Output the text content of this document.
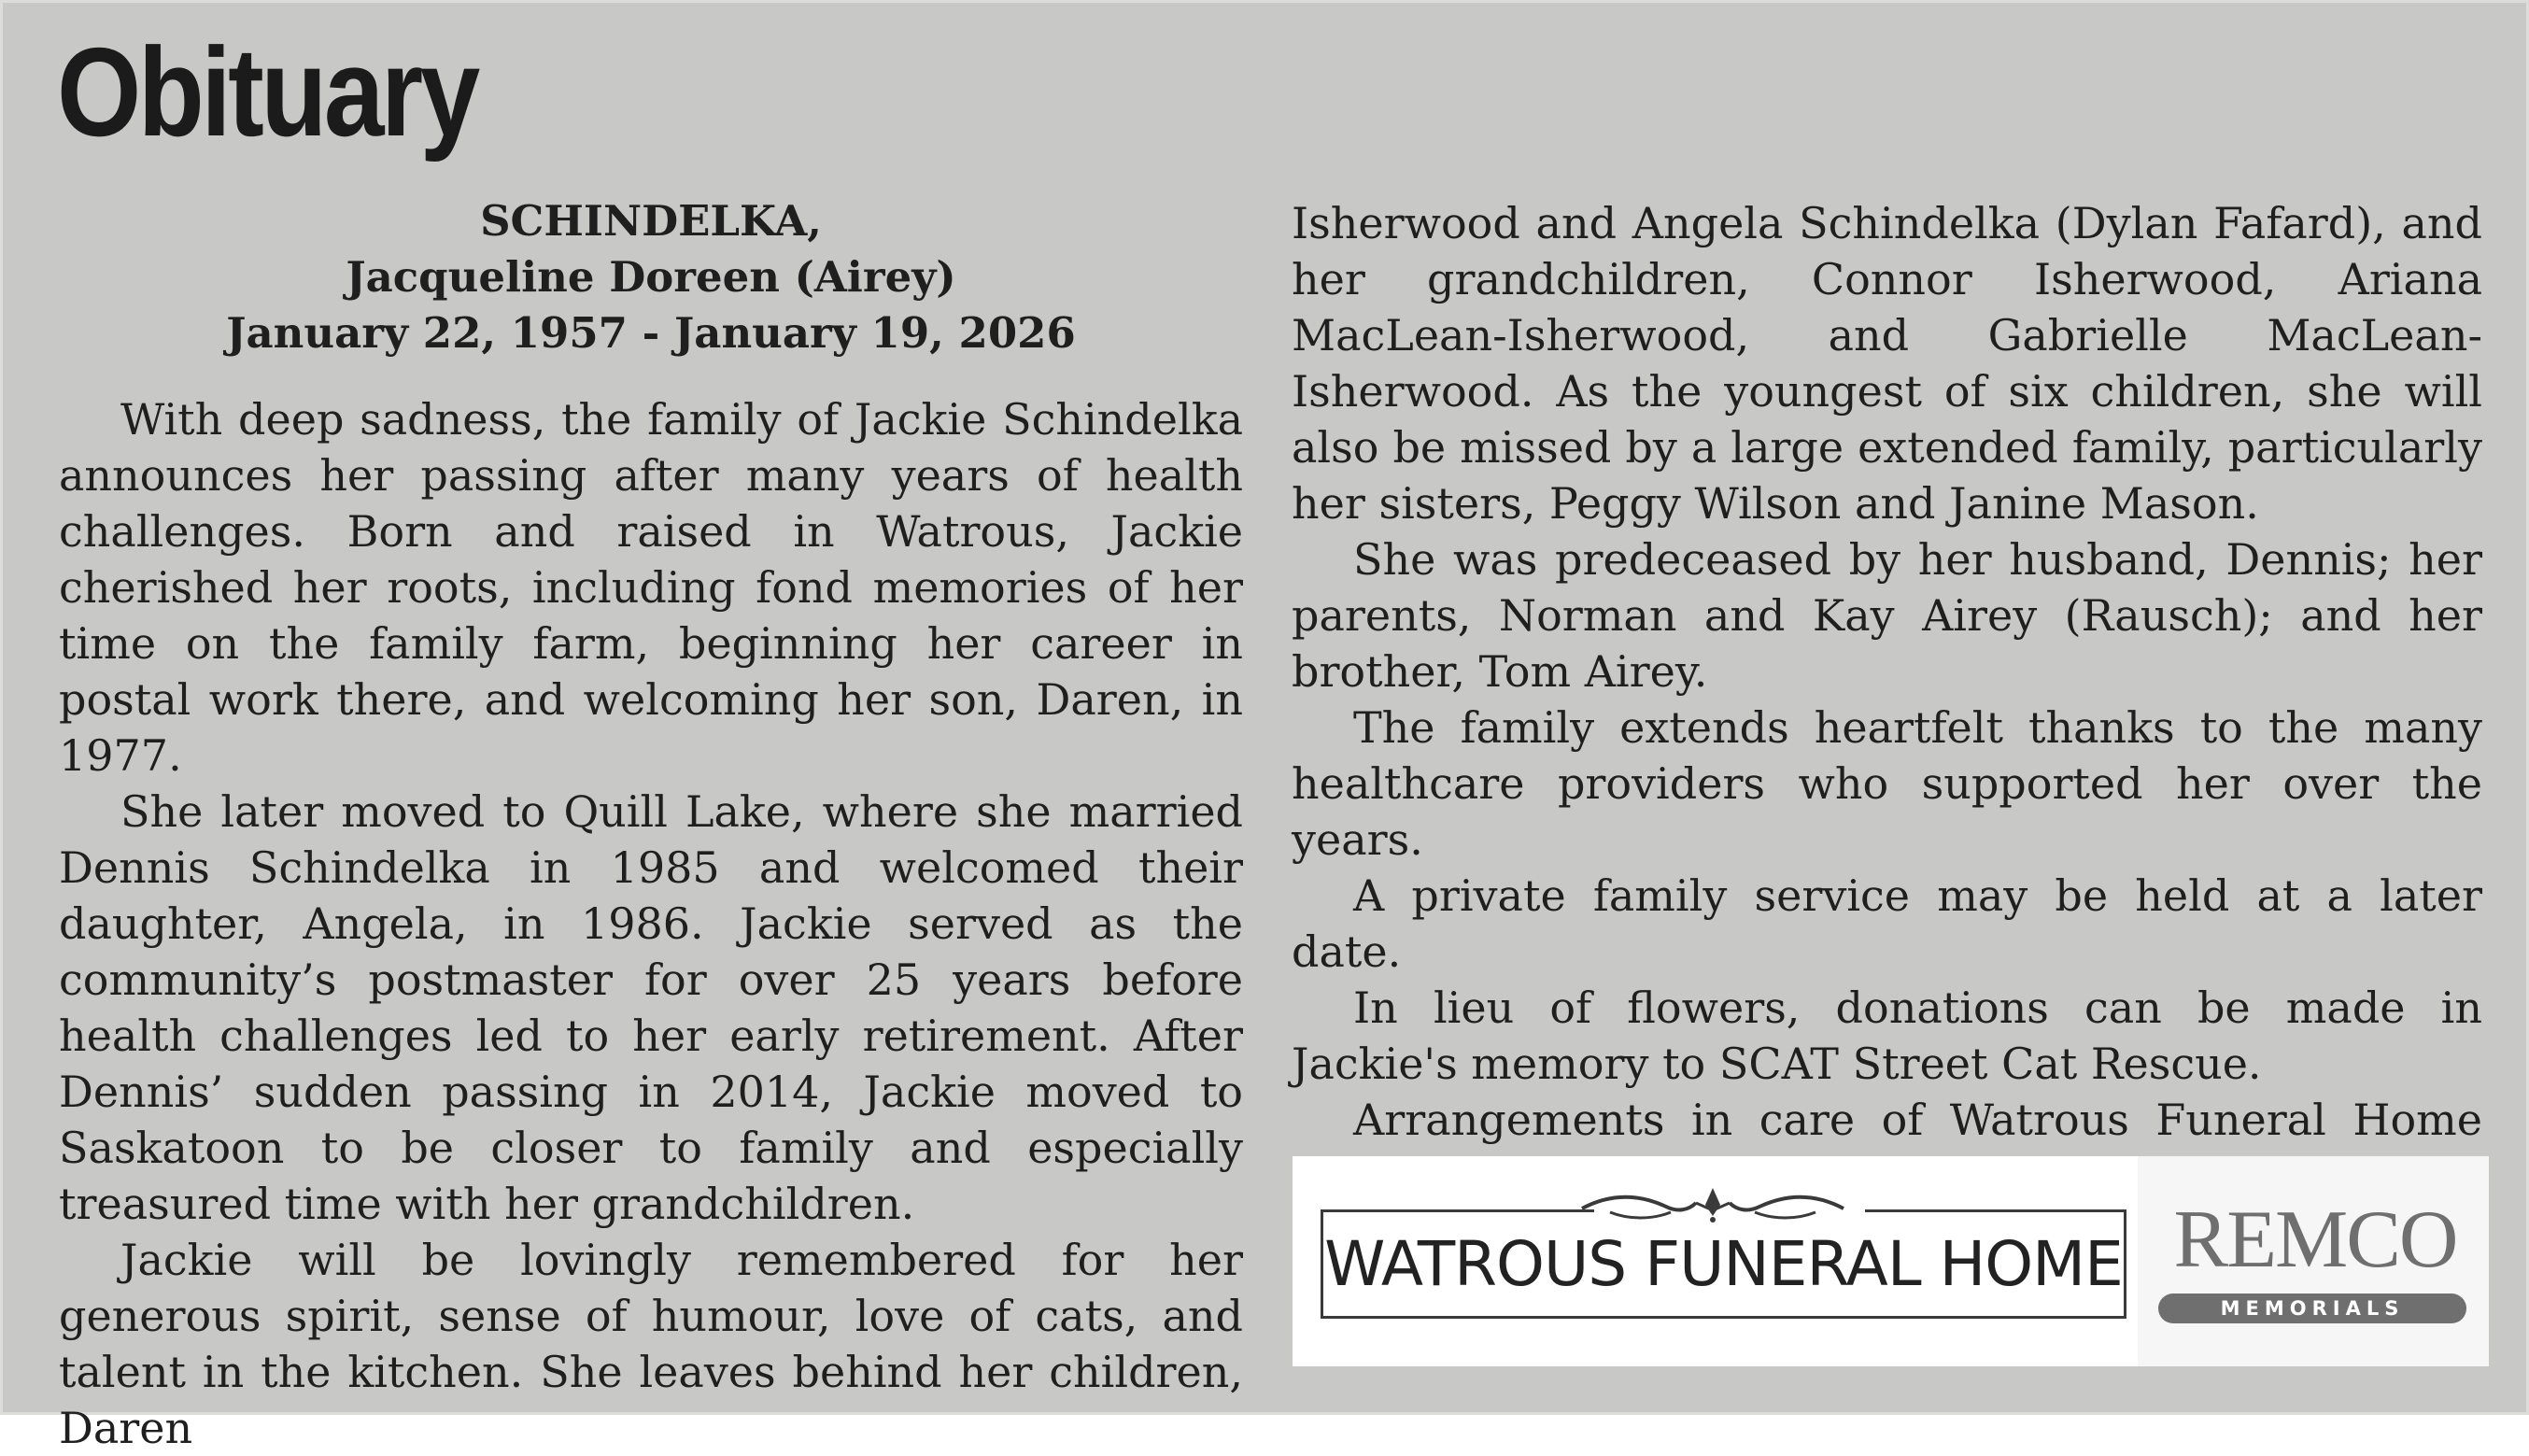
Obituary
SCHINDELKA,
Jacqueline Doreen (Airey)
January 22, 1957 - January 19, 2026

With deep sadness, the family of Jackie Schindelka announces her passing after many years of health challenges. Born and raised in Watrous, Jackie cherished her roots, including fond memories of her time on the family farm, beginning her career in postal work there, and welcoming her son, Daren, in 1977.

She later moved to Quill Lake, where she married Dennis Schindelka in 1985 and welcomed their daughter, Angela, in 1986. Jackie served as the community’s postmaster for over 25 years before health challenges led to her early retirement. After Dennis’ sudden passing in 2014, Jackie moved to Saskatoon to be closer to family and especially treasured time with her grandchildren.

Jackie will be lovingly remembered for her generous spirit, sense of humour, love of cats, and talent in the kitchen. She leaves behind her children, Daren

Isherwood and Angela Schindelka (Dylan Fafard), and her grandchildren, Connor Isherwood, Ariana MacLean-Isherwood, and Gabrielle MacLean-Isherwood. As the youngest of six children, she will also be missed by a large extended family, particularly her sisters, Peggy Wilson and Janine Mason.

She was predeceased by her husband, Dennis; her parents, Norman and Kay Airey (Rausch); and her brother, Tom Airey.

The family extends heartfelt thanks to the many healthcare providers who supported her over the years.

A private family service may be held at a later date.

In lieu of flowers, donations can be made in Jackie's memory to SCAT Street Cat Rescue.

Arrangements in care of Watrous Funeral Home

WATROUS FUNERAL HOME REMCO
MEMORIALS
